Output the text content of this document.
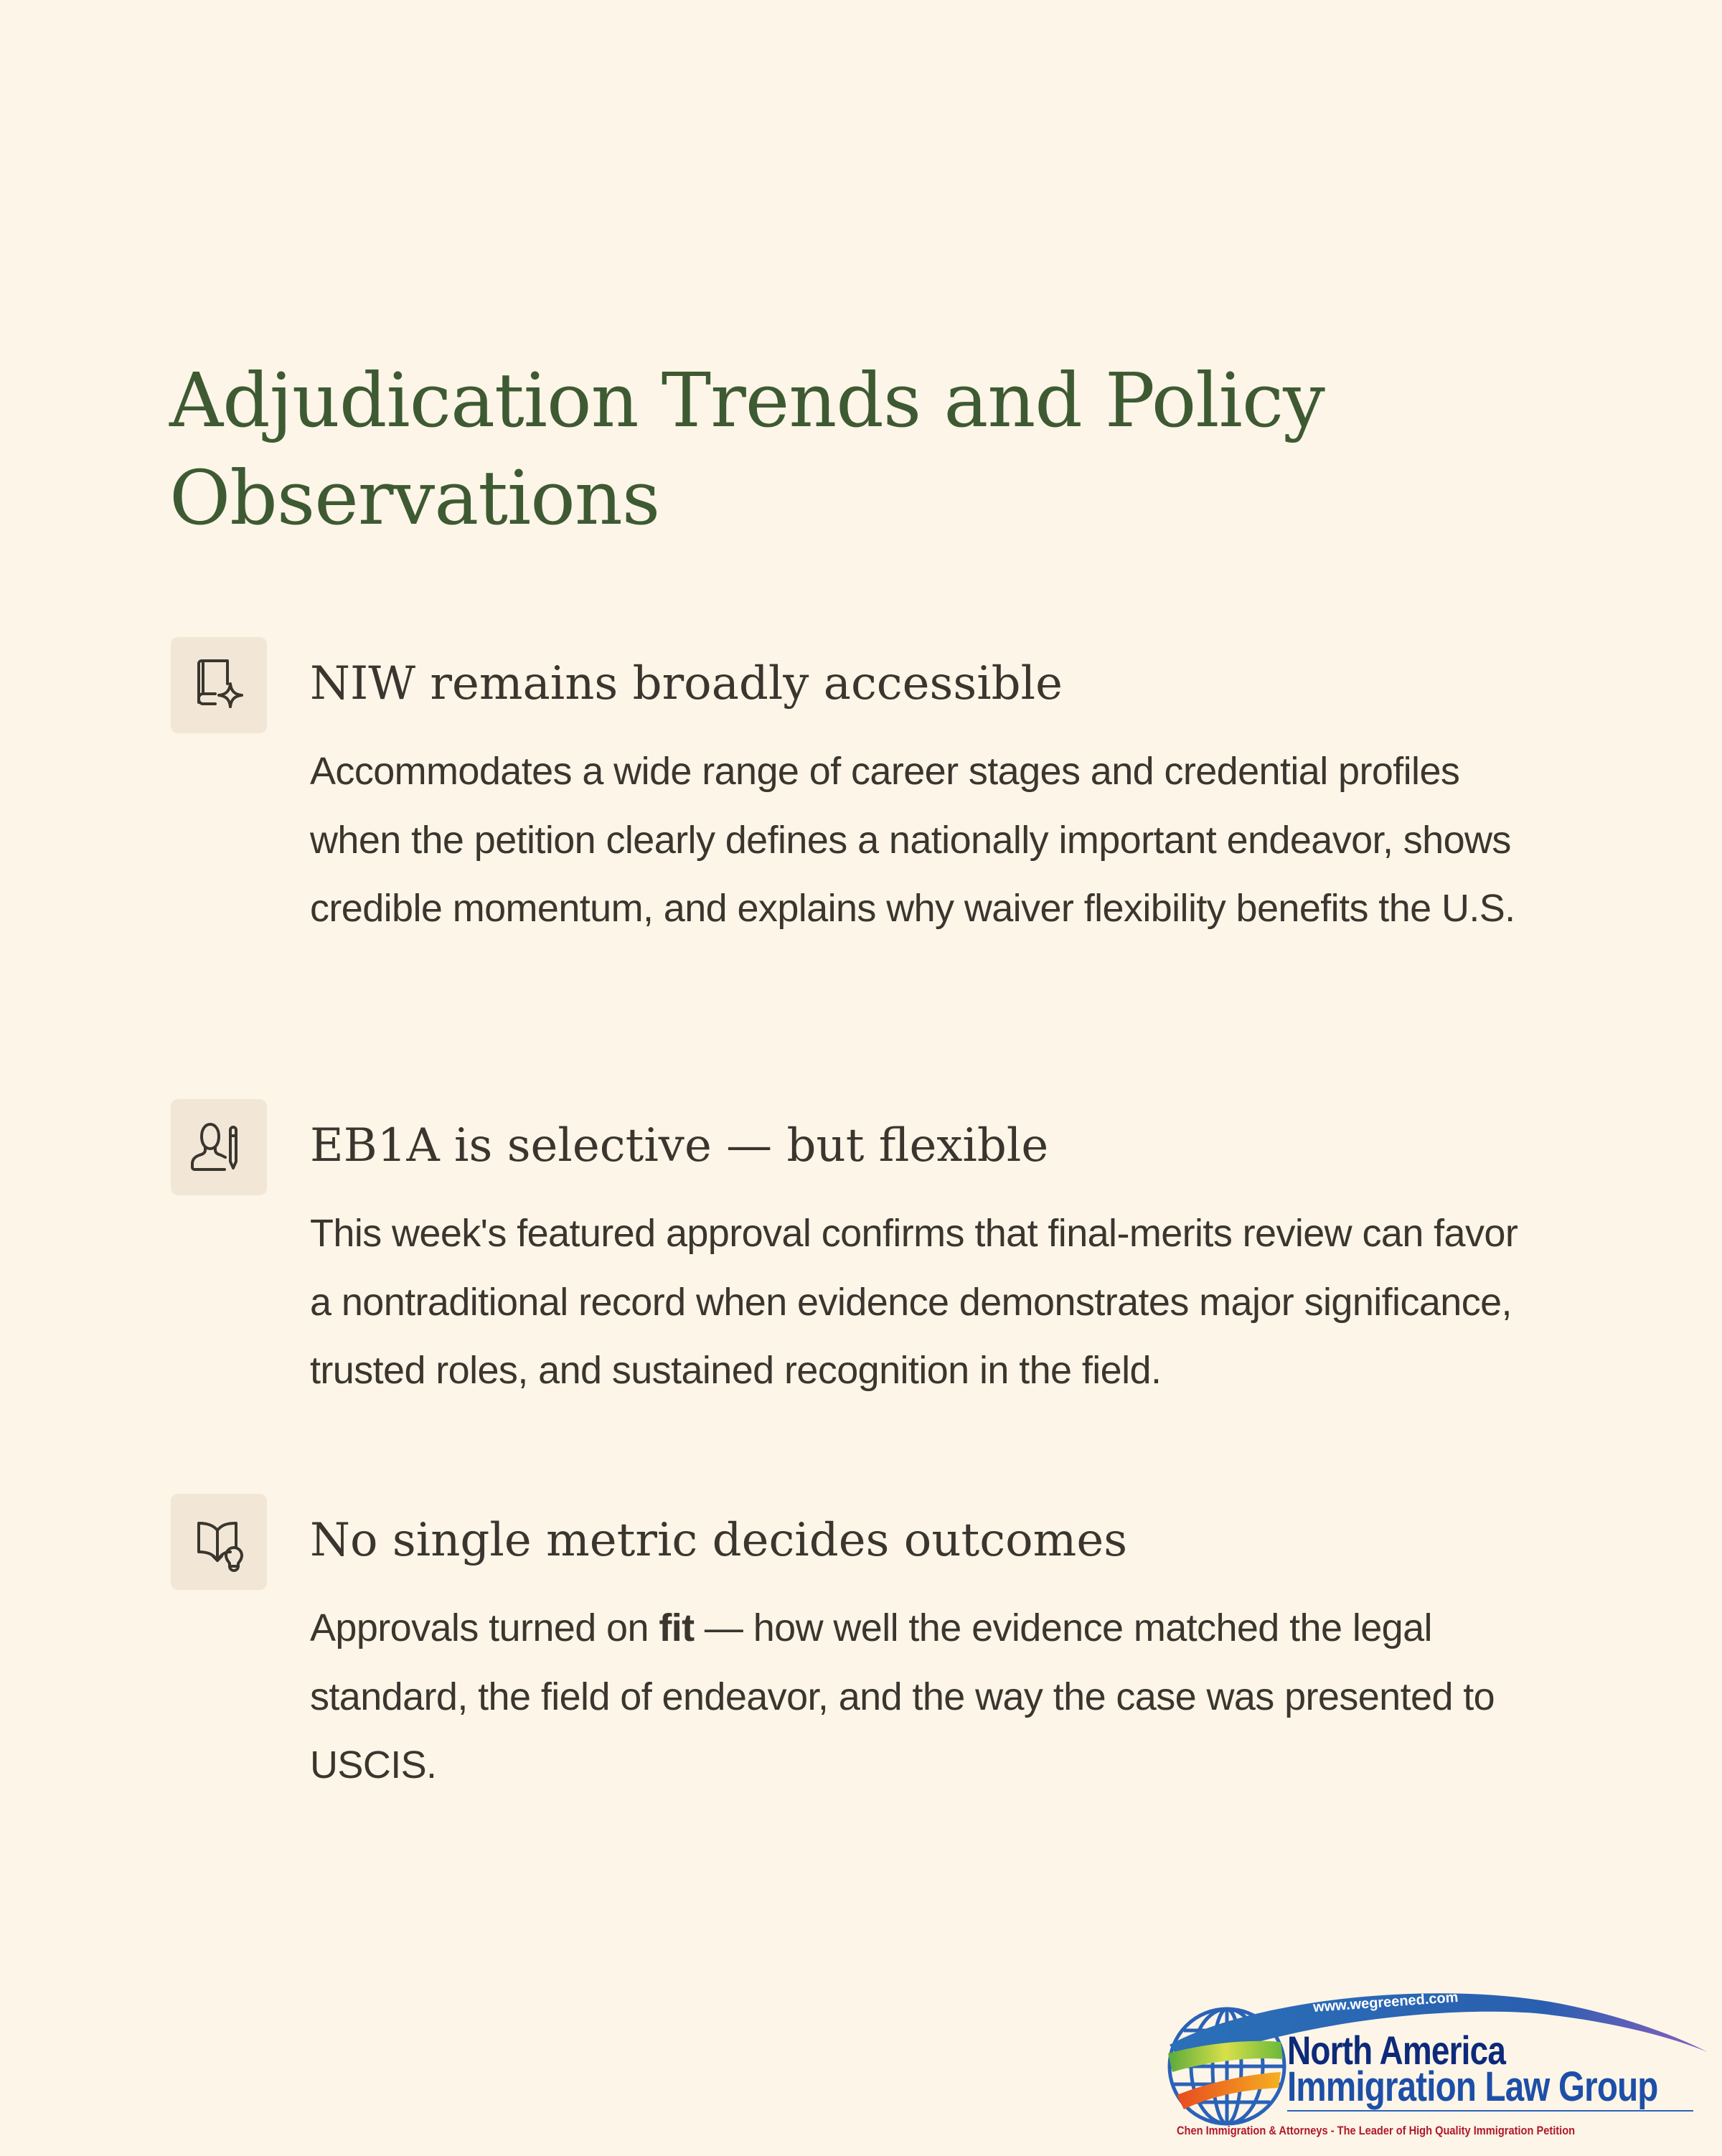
Adjudication Trends and Policy Observations
NIW remains broadly accessible

Accommodates a wide range of career stages and credential profiles when the petition clearly defines a nationally important endeavor, shows credible momentum, and explains why waiver flexibility benefits the U.S.

EB1A is selective — but flexible

This week's featured approval confirms that final-merits review can favor a nontraditional record when evidence demonstrates major significance, trusted roles, and sustained recognition in the field.

No single metric decides outcomes

Approvals turned on fit — how well the evidence matched the legal standard, the field of endeavor, and the way the case was presented to USCIS.

www.wegreened.com
North America
Immigration Law Group
Chen Immigration & Attorneys - The Leader of High Quality Immigration Petition
